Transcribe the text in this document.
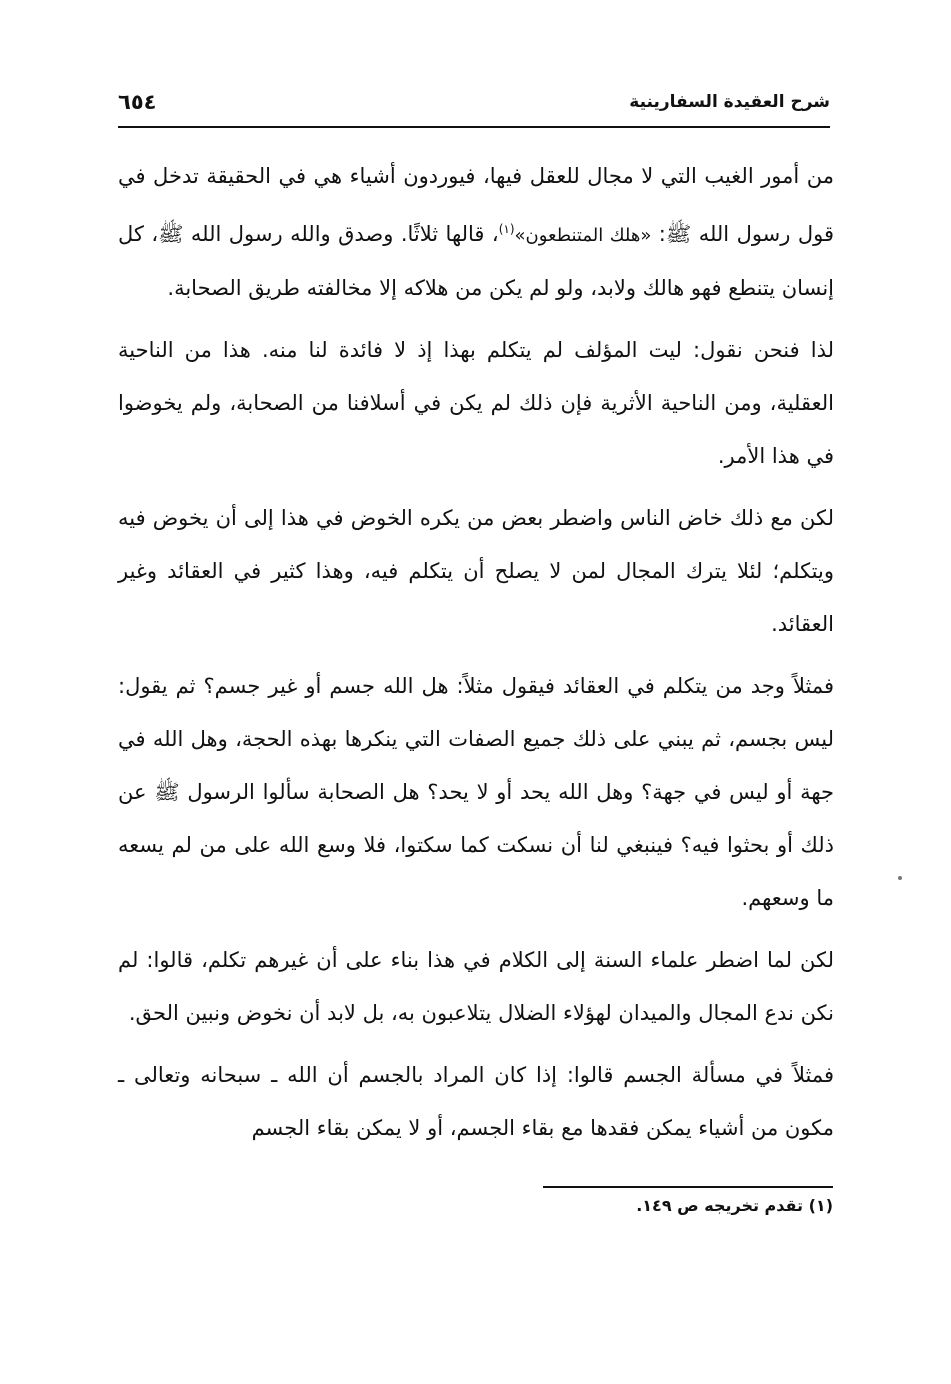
شرح العقيدة السفارينية
٦٥٤

من أمور الغيب التي لا مجال للعقل فيها، فيوردون أشياء هي في الحقيقة تدخل في قول رسول الله ﷺ: «هلك المتنطعون»$^{(١)}$، قالها ثلاثًا. وصدق والله رسول الله ﷺ، كل إنسان يتنطع فهو هالك ولابد، ولو لم يكن من هلاكه إلا مخالفته طريق الصحابة.

لذا فنحن نقول: ليت المؤلف لم يتكلم بهذا إذ لا فائدة لنا منه. هذا من الناحية العقلية، ومن الناحية الأثرية فإن ذلك لم يكن في أسلافنا من الصحابة، ولم يخوضوا في هذا الأمر.

لكن مع ذلك خاض الناس واضطر بعض من يكره الخوض في هذا إلى أن يخوض فيه ويتكلم؛ لئلا يترك المجال لمن لا يصلح أن يتكلم فيه، وهذا كثير في العقائد وغير العقائد.

فمثلاً وجد من يتكلم في العقائد فيقول مثلاً: هل الله جسم أو غير جسم؟ ثم يقول: ليس بجسم، ثم يبني على ذلك جميع الصفات التي ينكرها بهذه الحجة، وهل الله في جهة أو ليس في جهة؟ وهل الله يحد أو لا يحد؟ هل الصحابة سألوا الرسول ﷺ عن ذلك أو بحثوا فيه؟ فينبغي لنا أن نسكت كما سكتوا، فلا وسع الله على من لم يسعه ما وسعهم.

لكن لما اضطر علماء السنة إلى الكلام في هذا بناء على أن غيرهم تكلم، قالوا: لم نكن ندع المجال والميدان لهؤلاء الضلال يتلاعبون به، بل لابد أن نخوض ونبين الحق.

فمثلاً في مسألة الجسم قالوا: إذا كان المراد بالجسم أن الله ـ سبحانه وتعالى ـ مكون من أشياء يمكن فقدها مع بقاء الجسم، أو لا يمكن بقاء الجسم

(١) تقدم تخريجه ص ١٤٩.
